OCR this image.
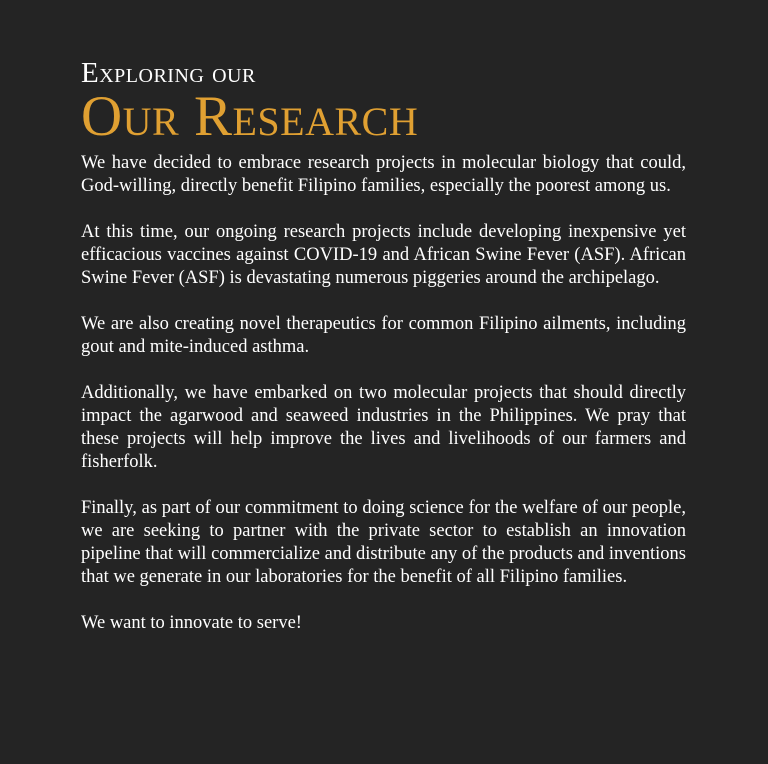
Exploring our

Our Research

We have decided to embrace research projects in molecular biology that could, God-willing, directly benefit Filipino families, especially the poorest among us.

At this time, our ongoing research projects include developing inexpensive yet efficacious vaccines against COVID-19 and African Swine Fever (ASF). African Swine Fever (ASF) is devastating numerous piggeries around the archipelago.

We are also creating novel therapeutics for common Filipino ailments, including gout and mite-induced asthma.

Additionally, we have embarked on two molecular projects that should directly impact the agarwood and seaweed industries in the Philippines. We pray that these projects will help improve the lives and livelihoods of our farmers and fisherfolk.

Finally, as part of our commitment to doing science for the welfare of our people, we are seeking to partner with the private sector to establish an innovation pipeline that will commercialize and distribute any of the products and inventions that we generate in our laboratories for the benefit of all Filipino families.

We want to innovate to serve!
